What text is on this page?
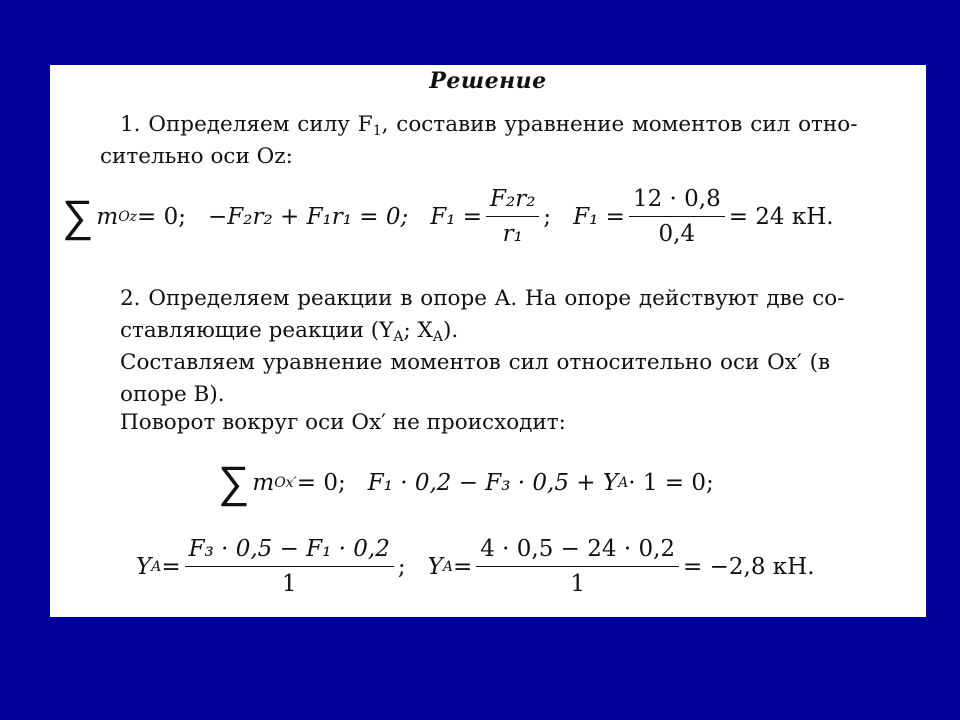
Решение
1. Определяем силу $F_1$, составив уравнение моментов сил отно-
сительно оси Oz:
∑ m Oz = 0; −F₂r₂ + F₁r₁ = 0; $F_1 = \frac{\text{F₂r₂}}{\text{r₁}}$ ; $F_1 = \frac{12 \cdot 0,8}{0,4} = 24$ кН.
2. Определяем реакции в опоре A. На опоре действуют две со-
ставляющие реакции ($Y_A$; $X_A$).
Составляем уравнение моментов сил относительно оси Ox′ (в
опоре B).
Поворот вокруг оси Ox′ не происходит:
∑ m Ox′ = 0; F₁ · 0,2 − F₃ · 0,5 + Y A · 1 = 0;
Y $A = \frac{\text{F₃ · 0,5 − F₁ · 0,2}}{1}$ ; Y $A = \frac{4 \cdot 0,5 - 24 \cdot 0,2}{1} = -2,8$ кН.
